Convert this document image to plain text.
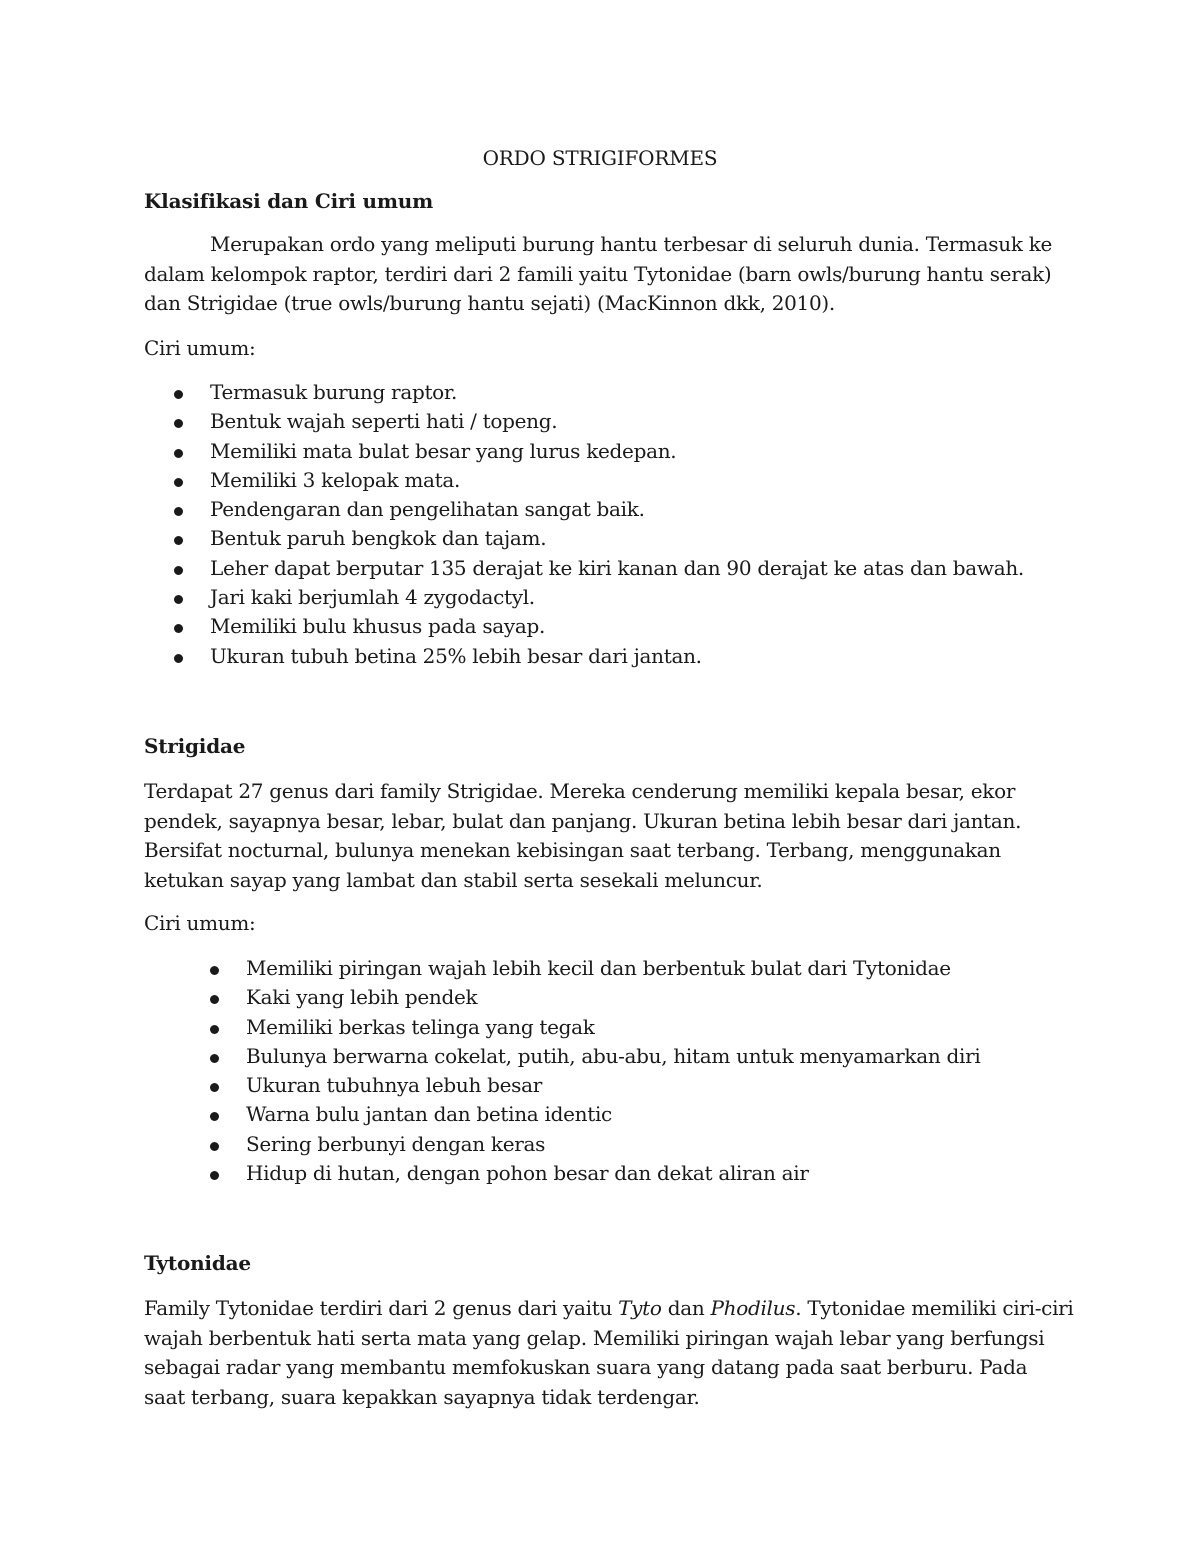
ORDO STRIGIFORMES
Klasifikasi dan Ciri umum

Merupakan ordo yang meliputi burung hantu terbesar di seluruh dunia. Termasuk ke dalam kelompok raptor, terdiri dari 2 famili yaitu Tytonidae (barn owls/burung hantu serak) dan Strigidae (true owls/burung hantu sejati) (MacKinnon dkk, 2010).

Ciri umum:

Termasuk burung raptor.
Bentuk wajah seperti hati / topeng.
Memiliki mata bulat besar yang lurus kedepan.
Memiliki 3 kelopak mata.
Pendengaran dan pengelihatan sangat baik.
Bentuk paruh bengkok dan tajam.
Leher dapat berputar 135 derajat ke kiri kanan dan 90 derajat ke atas dan bawah.
Jari kaki berjumlah 4 zygodactyl.
Memiliki bulu khusus pada sayap.
Ukuran tubuh betina 25% lebih besar dari jantan.
Strigidae

Terdapat 27 genus dari family Strigidae. Mereka cenderung memiliki kepala besar, ekor pendek, sayapnya besar, lebar, bulat dan panjang. Ukuran betina lebih besar dari jantan. Bersifat nocturnal, bulunya menekan kebisingan saat terbang. Terbang, menggunakan ketukan sayap yang lambat dan stabil serta sesekali meluncur.

Ciri umum:

Memiliki piringan wajah lebih kecil dan berbentuk bulat dari Tytonidae
Kaki yang lebih pendek
Memiliki berkas telinga yang tegak
Bulunya berwarna cokelat, putih, abu-abu, hitam untuk menyamarkan diri
Ukuran tubuhnya lebuh besar
Warna bulu jantan dan betina identic
Sering berbunyi dengan keras
Hidup di hutan, dengan pohon besar dan dekat aliran air
Tytonidae

Family Tytonidae terdiri dari 2 genus dari yaitu Tyto dan Phodilus. Tytonidae memiliki ciri-ciri wajah berbentuk hati serta mata yang gelap. Memiliki piringan wajah lebar yang berfungsi sebagai radar yang membantu memfokuskan suara yang datang pada saat berburu. Pada saat terbang, suara kepakkan sayapnya tidak terdengar.
